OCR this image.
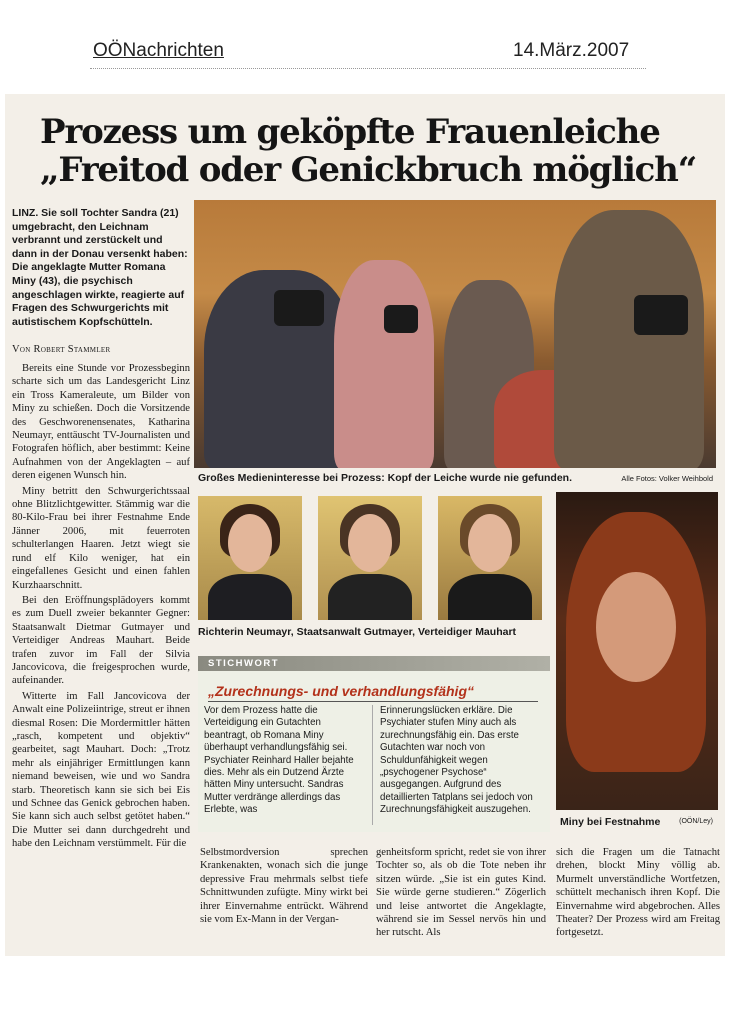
OÖNachrichten	14.März.2007
Prozess um geköpfte Frauenleiche
„Freitod oder Genickbruch möglich“
LINZ. Sie soll Tochter Sandra (21) umgebracht, den Leichnam verbrannt und zerstückelt und dann in der Donau versenkt haben: Die angeklagte Mutter Romana Miny (43), die psychisch angeschlagen wirkte, reagierte auf Fragen des Schwurgerichts mit autistischem Kopfschütteln.
Von Robert Stammler

Bereits eine Stunde vor Prozessbeginn scharte sich um das Landesgericht Linz ein Tross Kameraleute, um Bilder von Miny zu schießen. Doch die Vorsitzende des Geschworenensenates, Katharina Neumayr, enttäuscht TV-Journalisten und Fotografen höflich, aber bestimmt: Keine Aufnahmen von der Angeklagten – auf deren eigenen Wunsch hin.

Miny betritt den Schwurgerichtssaal ohne Blitzlichtgewitter. Stämmig war die 80-Kilo-Frau bei ihrer Festnahme Ende Jänner 2006, mit feuerroten schulterlangen Haaren. Jetzt wiegt sie rund elf Kilo weniger, hat ein eingefallenes Gesicht und einen fahlen Kurzhaarschnitt.

Bei den Eröffnungsplädoyers kommt es zum Duell zweier bekannter Gegner: Staatsanwalt Dietmar Gutmayer und Verteidiger Andreas Mauhart. Beide trafen zuvor im Fall der Silvia Jancovicova, die freigesprochen wurde, aufeinander.

Witterte im Fall Jancovicova der Anwalt eine Polizeiintrige, streut er ihnen diesmal Rosen: Die Mordermittler hätten „rasch, kompetent und objektiv“ gearbeitet, sagt Mauhart. Doch: „Trotz mehr als einjähriger Ermittlungen kann niemand beweisen, wie und wo Sandra starb. Theoretisch kann sie sich bei Eis und Schnee das Genick gebrochen haben. Sie kann sich auch selbst getötet haben.“ Die Mutter sei dann durchgedreht und habe den Leichnam verstümmelt. Für die

Großes Medieninteresse bei Prozess: Kopf der Leiche wurde nie gefunden.	Alle Fotos: Volker Weihbold
Richterin Neumayr, Staatsanwalt Gutmayer, Verteidiger Mauhart
Miny bei Festnahme	(OÖN/Ley)
STICHWORT
„Zurechnungs- und verhandlungsfähig“
Vor dem Prozess hatte die Verteidigung ein Gutachten beantragt, ob Romana Miny überhaupt verhandlungsfähig sei. Psychiater Reinhard Haller bejahte dies. Mehr als ein Dutzend Ärzte hätten Miny untersucht. Sandras Mutter verdränge allerdings das Erlebte, was
Erinnerungslücken erkläre. Die Psychiater stufen Miny auch als zurechnungsfähig ein. Das erste Gutachten war noch von Schuldunfähigkeit wegen „psychogener Psychose“ ausgegangen. Aufgrund des detaillierten Tatplans sei jedoch von Zurechnungsfähigkeit auszugehen.

Selbstmordversion sprechen Krankenakten, wonach sich die junge depressive Frau mehrmals selbst tiefe Schnittwunden zufügte. Miny wirkt bei ihrer Einvernahme entrückt. Während sie vom Ex-Mann in der Vergan-

genheitsform spricht, redet sie von ihrer Tochter so, als ob die Tote neben ihr sitzen würde. „Sie ist ein gutes Kind. Sie würde gerne studieren.“ Zögerlich und leise antwortet die Angeklagte, während sie im Sessel nervös hin und her rutscht. Als

sich die Fragen um die Tatnacht drehen, blockt Miny völlig ab. Murmelt unverständliche Wortfetzen, schüttelt mechanisch ihren Kopf. Die Einvernahme wird abgebrochen. Alles Theater? Der Prozess wird am Freitag fortgesetzt.
